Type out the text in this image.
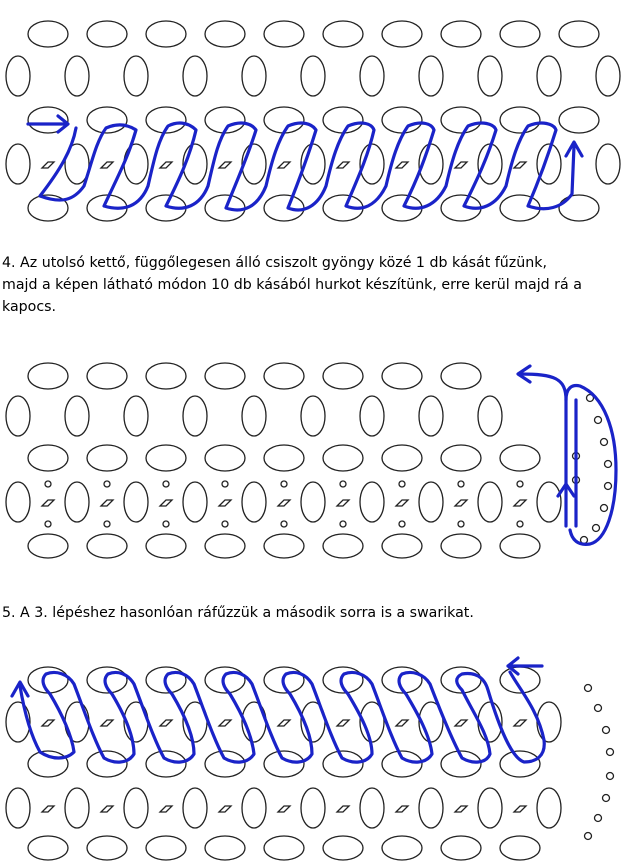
4. Az utolsó kettő, függőlegesen álló csiszolt gyöngy közé 1 db kását fűzünk,
majd a képen látható módon 10 db kásából hurkot készítünk, erre kerül majd rá a
kapocs.

5. A 3. lépéshez hasonlóan ráfűzzük a második sorra is a swarikat.
